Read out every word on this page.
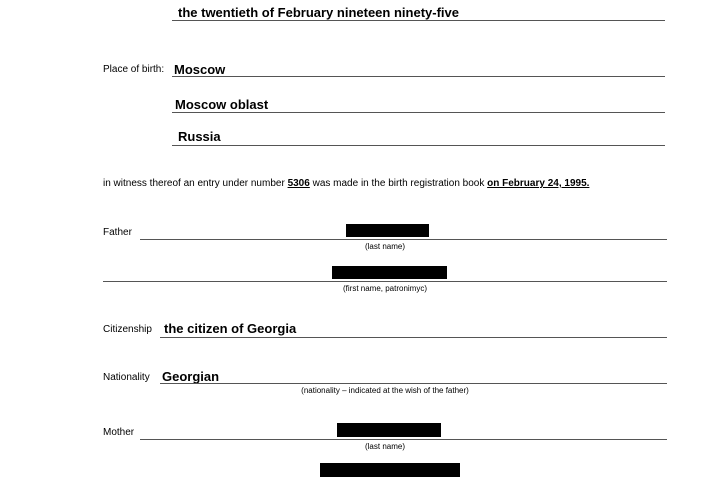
the twentieth of February nineteen ninety-five
Place of birth: Moscow
Moscow oblast
Russia
in witness thereof an entry under number 5306 was made in the birth registration book on February 24, 1995.
Father
(last name)
(first name, patronimyc)
Citizenship the citizen of Georgia
Nationality Georgian
(nationality – indicated at the wish of the father)
Mother
(last name)
